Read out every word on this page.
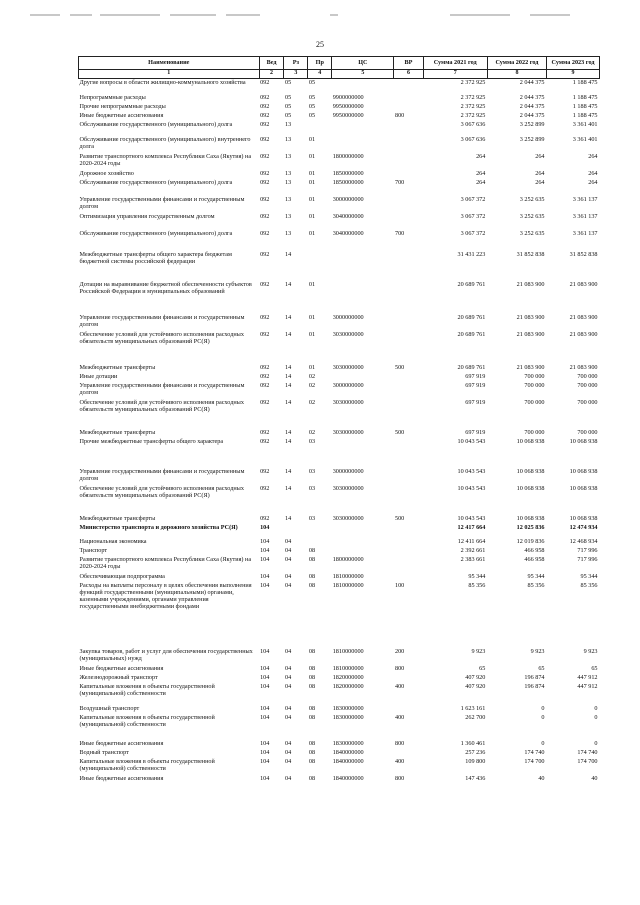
25
Наименование	Вед	Рз	Пр	ЦС	ВР	Сумма 2021 год	Сумма 2022 год	Сумма 2023 год
1	2	3	4	5	6	7	8	9
Другие вопросы в области жилищно-коммунального хозяйства	092	05	05			2 372 925	2 044 375	1 188 475
Непрограммные расходы	092	05	05	9900000000		2 372 925	2 044 375	1 188 475
Прочие непрограммные расходы	092	05	05	9950000000		2 372 925	2 044 375	1 188 475
Иные бюджетные ассигнования	092	05	05	9950000000	800	2 372 925	2 044 375	1 188 475
Обслуживание государственного (муниципального) долга	092	13				3 067 636	3 252 899	3 361 401
Обслуживание государственного (муниципального) внутреннего долга	092	13	01			3 067 636	3 252 899	3 361 401
Развитие транспортного комплекса Республики Саха (Якутия) на 2020-2024 годы	092	13	01	1800000000		264	264	264
Дорожное хозяйство	092	13	01	1850000000		264	264	264
Обслуживание государственного (муниципального) долга	092	13	01	1850000000	700	264	264	264
Управление государственными финансами и государственным долгом	092	13	01	3000000000		3 067 372	3 252 635	3 361 137
Оптимизация управления государственным долгом	092	13	01	3040000000		3 067 372	3 252 635	3 361 137
Обслуживание государственного (муниципального) долга	092	13	01	3040000000	700	3 067 372	3 252 635	3 361 137
Межбюджетные трансферты общего характера бюджетам бюджетной системы российской федерации	092	14				31 431 223	31 852 838	31 852 838
Дотации на выравнивание бюджетной обеспеченности субъектов Российской Федерации и муниципальных образований	092	14	01			20 689 761	21 083 900	21 083 900
Управление государственными финансами и государственным долгом	092	14	01	3000000000		20 689 761	21 083 900	21 083 900
Обеспечение условий для устойчивого исполнения расходных обязательств муниципальных образований РС(Я)	092	14	01	3030000000		20 689 761	21 083 900	21 083 900
Межбюджетные трансферты	092	14	01	3030000000	500	20 689 761	21 083 900	21 083 900
Иные дотации	092	14	02			697 919	700 000	700 000
Управление государственными финансами и государственным долгом	092	14	02	3000000000		697 919	700 000	700 000
Обеспечение условий для устойчивого исполнения расходных обязательств муниципальных образований РС(Я)	092	14	02	3030000000		697 919	700 000	700 000
Межбюджетные трансферты	092	14	02	3030000000	500	697 919	700 000	700 000
Прочие межбюджетные трансферты общего характера	092	14	03			10 043 543	10 068 938	10 068 938
Управление государственными финансами и государственным долгом	092	14	03	3000000000		10 043 543	10 068 938	10 068 938
Обеспечение условий для устойчивого исполнения расходных обязательств муниципальных образований РС(Я)	092	14	03	3030000000		10 043 543	10 068 938	10 068 938
Межбюджетные трансферты	092	14	03	3030000000	500	10 043 543	10 068 938	10 068 938
Министерство транспорта и дорожного хозяйства РС(Я)	104					12 417 664	12 025 836	12 474 934
Национальная экономика	104	04				12 411 664	12 019 836	12 468 934
Транспорт	104	04	08			2 392 661	466 958	717 996
Развитие транспортного комплекса Республики Саха (Якутия) на 2020-2024 годы	104	04	08	1800000000		2 383 661	466 958	717 996
Обеспечивающая подпрограмма	104	04	08	1810000000		95 344	95 344	95 344
Расходы на выплаты персоналу в целях обеспечения выполнения функций государственными (муниципальными) органами, казенными учреждениями, органами управления государственными внебюджетными фондами	104	04	08	1810000000	100	85 356	85 356	85 356
Закупка товаров, работ и услуг для обеспечения государственных (муниципальных) нужд	104	04	08	1810000000	200	9 923	9 923	9 923
Иные бюджетные ассигнования	104	04	08	1810000000	800	65	65	65
Железнодорожный транспорт	104	04	08	1820000000		407 920	196 874	447 912
Капитальные вложения в объекты государственной (муниципальной) собственности	104	04	08	1820000000	400	407 920	196 874	447 912
Воздушный транспорт	104	04	08	1830000000		1 623 161	0	0
Капитальные вложения в объекты государственной (муниципальной) собственности	104	04	08	1830000000	400	262 700	0	0
Иные бюджетные ассигнования	104	04	08	1830000000	800	1 360 461	0	0
Водный транспорт	104	04	08	1840000000		257 236	174 740	174 740
Капитальные вложения в объекты государственной (муниципальной) собственности	104	04	08	1840000000	400	109 800	174 700	174 700
Иные бюджетные ассигнования	104	04	08	1840000000	800	147 436	40	40
